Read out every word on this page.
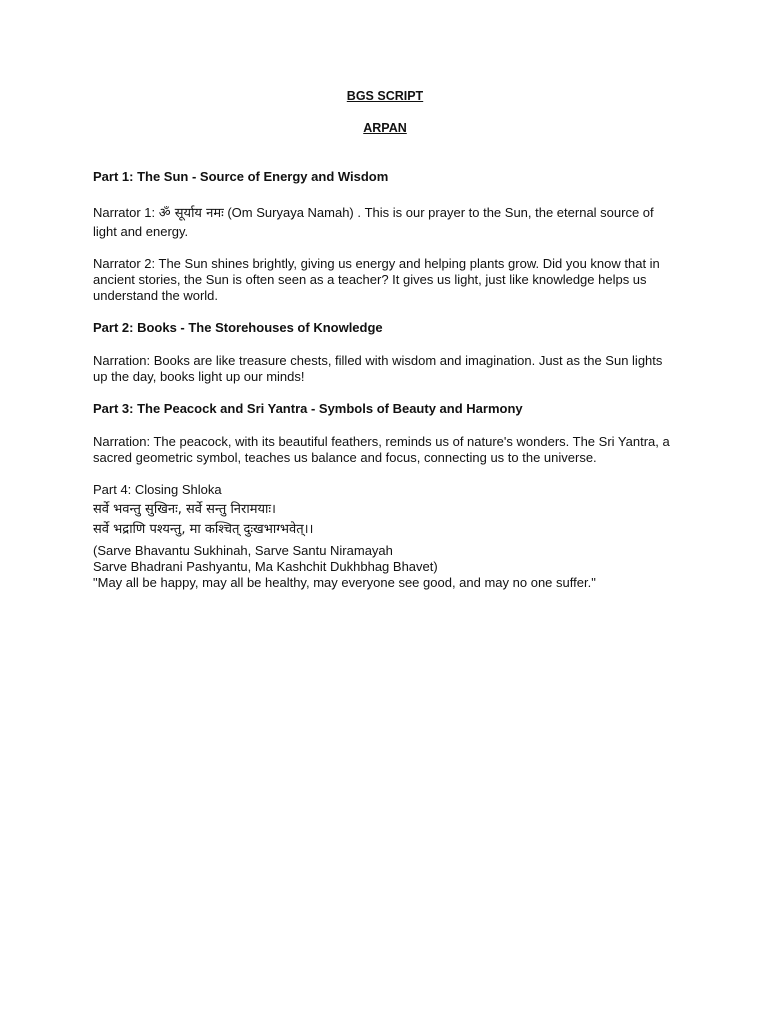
BGS SCRIPT

ARPAN

Part 1: The Sun - Source of Energy and Wisdom

Narrator 1: ॐ सूर्याय नमः (Om Suryaya Namah) . This is our prayer to the Sun, the eternal source of light and energy.

Narrator 2: The Sun shines brightly, giving us energy and helping plants grow. Did you know that in ancient stories, the Sun is often seen as a teacher? It gives us light, just like knowledge helps us understand the world.

Part 2: Books - The Storehouses of Knowledge

Narration: Books are like treasure chests, filled with wisdom and imagination. Just as the Sun lights up the day, books light up our minds!

Part 3: The Peacock and Sri Yantra - Symbols of Beauty and Harmony

Narration: The peacock, with its beautiful feathers, reminds us of nature's wonders. The Sri Yantra, a sacred geometric symbol, teaches us balance and focus, connecting us to the universe.

Part 4: Closing Shloka

सर्वे भवन्तु सुखिनः, सर्वे सन्तु निरामयाः।

सर्वे भद्राणि पश्यन्तु, मा कश्चित् दुःखभाग्भवेत्।।

(Sarve Bhavantu Sukhinah, Sarve Santu Niramayah

Sarve Bhadrani Pashyantu, Ma Kashchit Dukhbhag Bhavet)

"May all be happy, may all be healthy, may everyone see good, and may no one suffer."
